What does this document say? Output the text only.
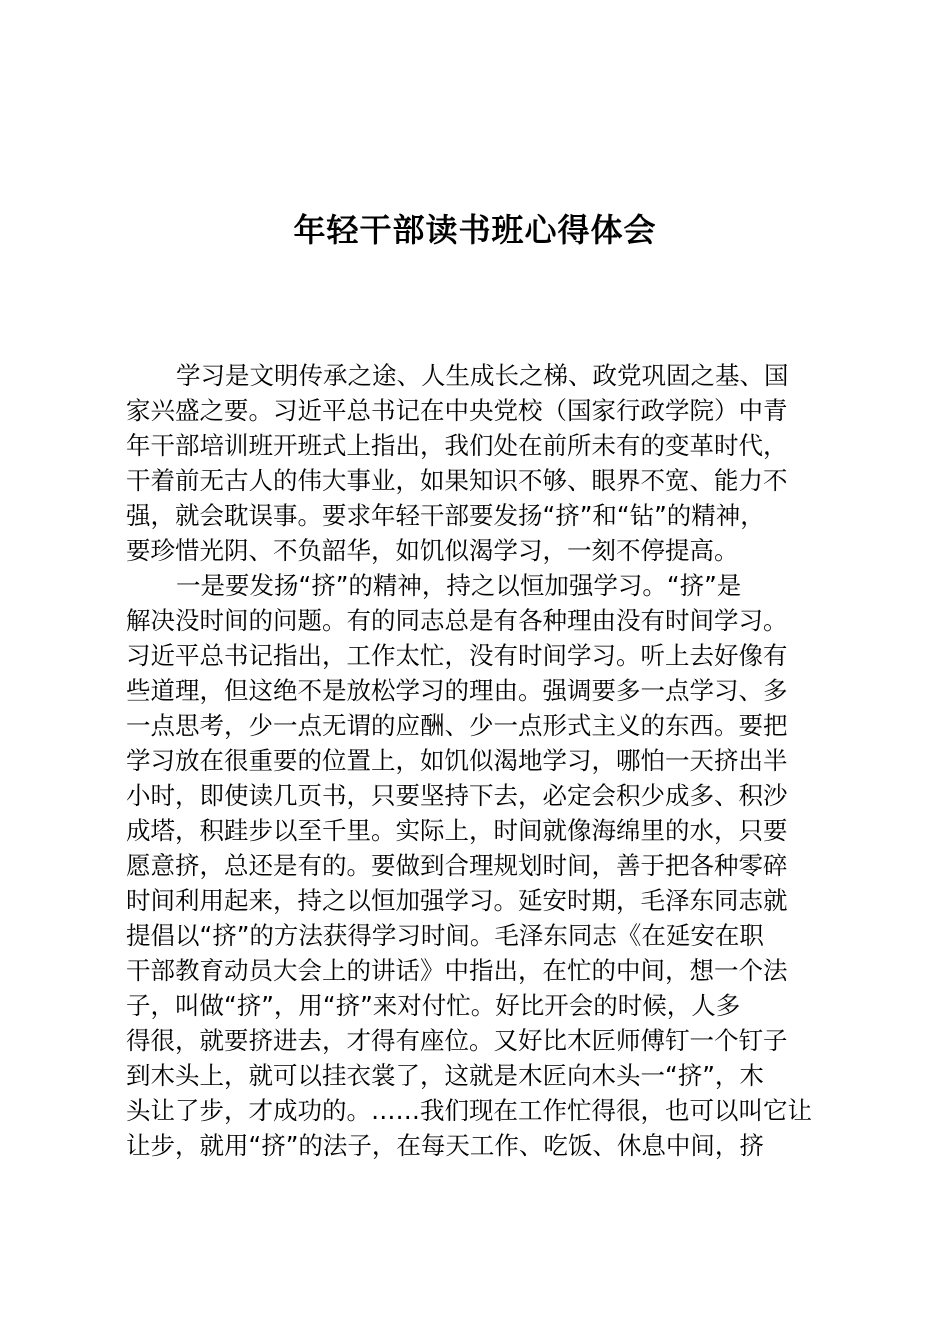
年轻干部读书班心得体会

学习是文明传承之途、人生成长之梯、政党巩固之基、国
家兴盛之要。习近平总书记在中央党校（国家行政学院）中青
年干部培训班开班式上指出，我们处在前所未有的变革时代，
干着前无古人的伟大事业，如果知识不够、眼界不宽、能力不
强，就会耽误事。要求年轻干部要发扬“挤”和“钻”的精神，
要珍惜光阴、不负韶华，如饥似渴学习，一刻不停提高。

一是要发扬“挤”的精神，持之以恒加强学习。“挤”是
解决没时间的问题。有的同志总是有各种理由没有时间学习。
习近平总书记指出，工作太忙，没有时间学习。听上去好像有
些道理，但这绝不是放松学习的理由。强调要多一点学习、多
一点思考，少一点无谓的应酬、少一点形式主义的东西。要把
学习放在很重要的位置上，如饥似渴地学习，哪怕一天挤出半
小时，即使读几页书，只要坚持下去，必定会积少成多、积沙
成塔，积跬步以至千里。实际上，时间就像海绵里的水，只要
愿意挤，总还是有的。要做到合理规划时间，善于把各种零碎
时间利用起来，持之以恒加强学习。延安时期，毛泽东同志就
提倡以“挤”的方法获得学习时间。毛泽东同志《在延安在职
干部教育动员大会上的讲话》中指出，在忙的中间，想一个法
子，叫做“挤”，用“挤”来对付忙。好比开会的时候，人多
得很，就要挤进去，才得有座位。又好比木匠师傅钉一个钉子
到木头上，就可以挂衣裳了，这就是木匠向木头一“挤”，木
头让了步，才成功的。……我们现在工作忙得很，也可以叫它让
让步，就用“挤”的法子，在每天工作、吃饭、休息中间，挤
